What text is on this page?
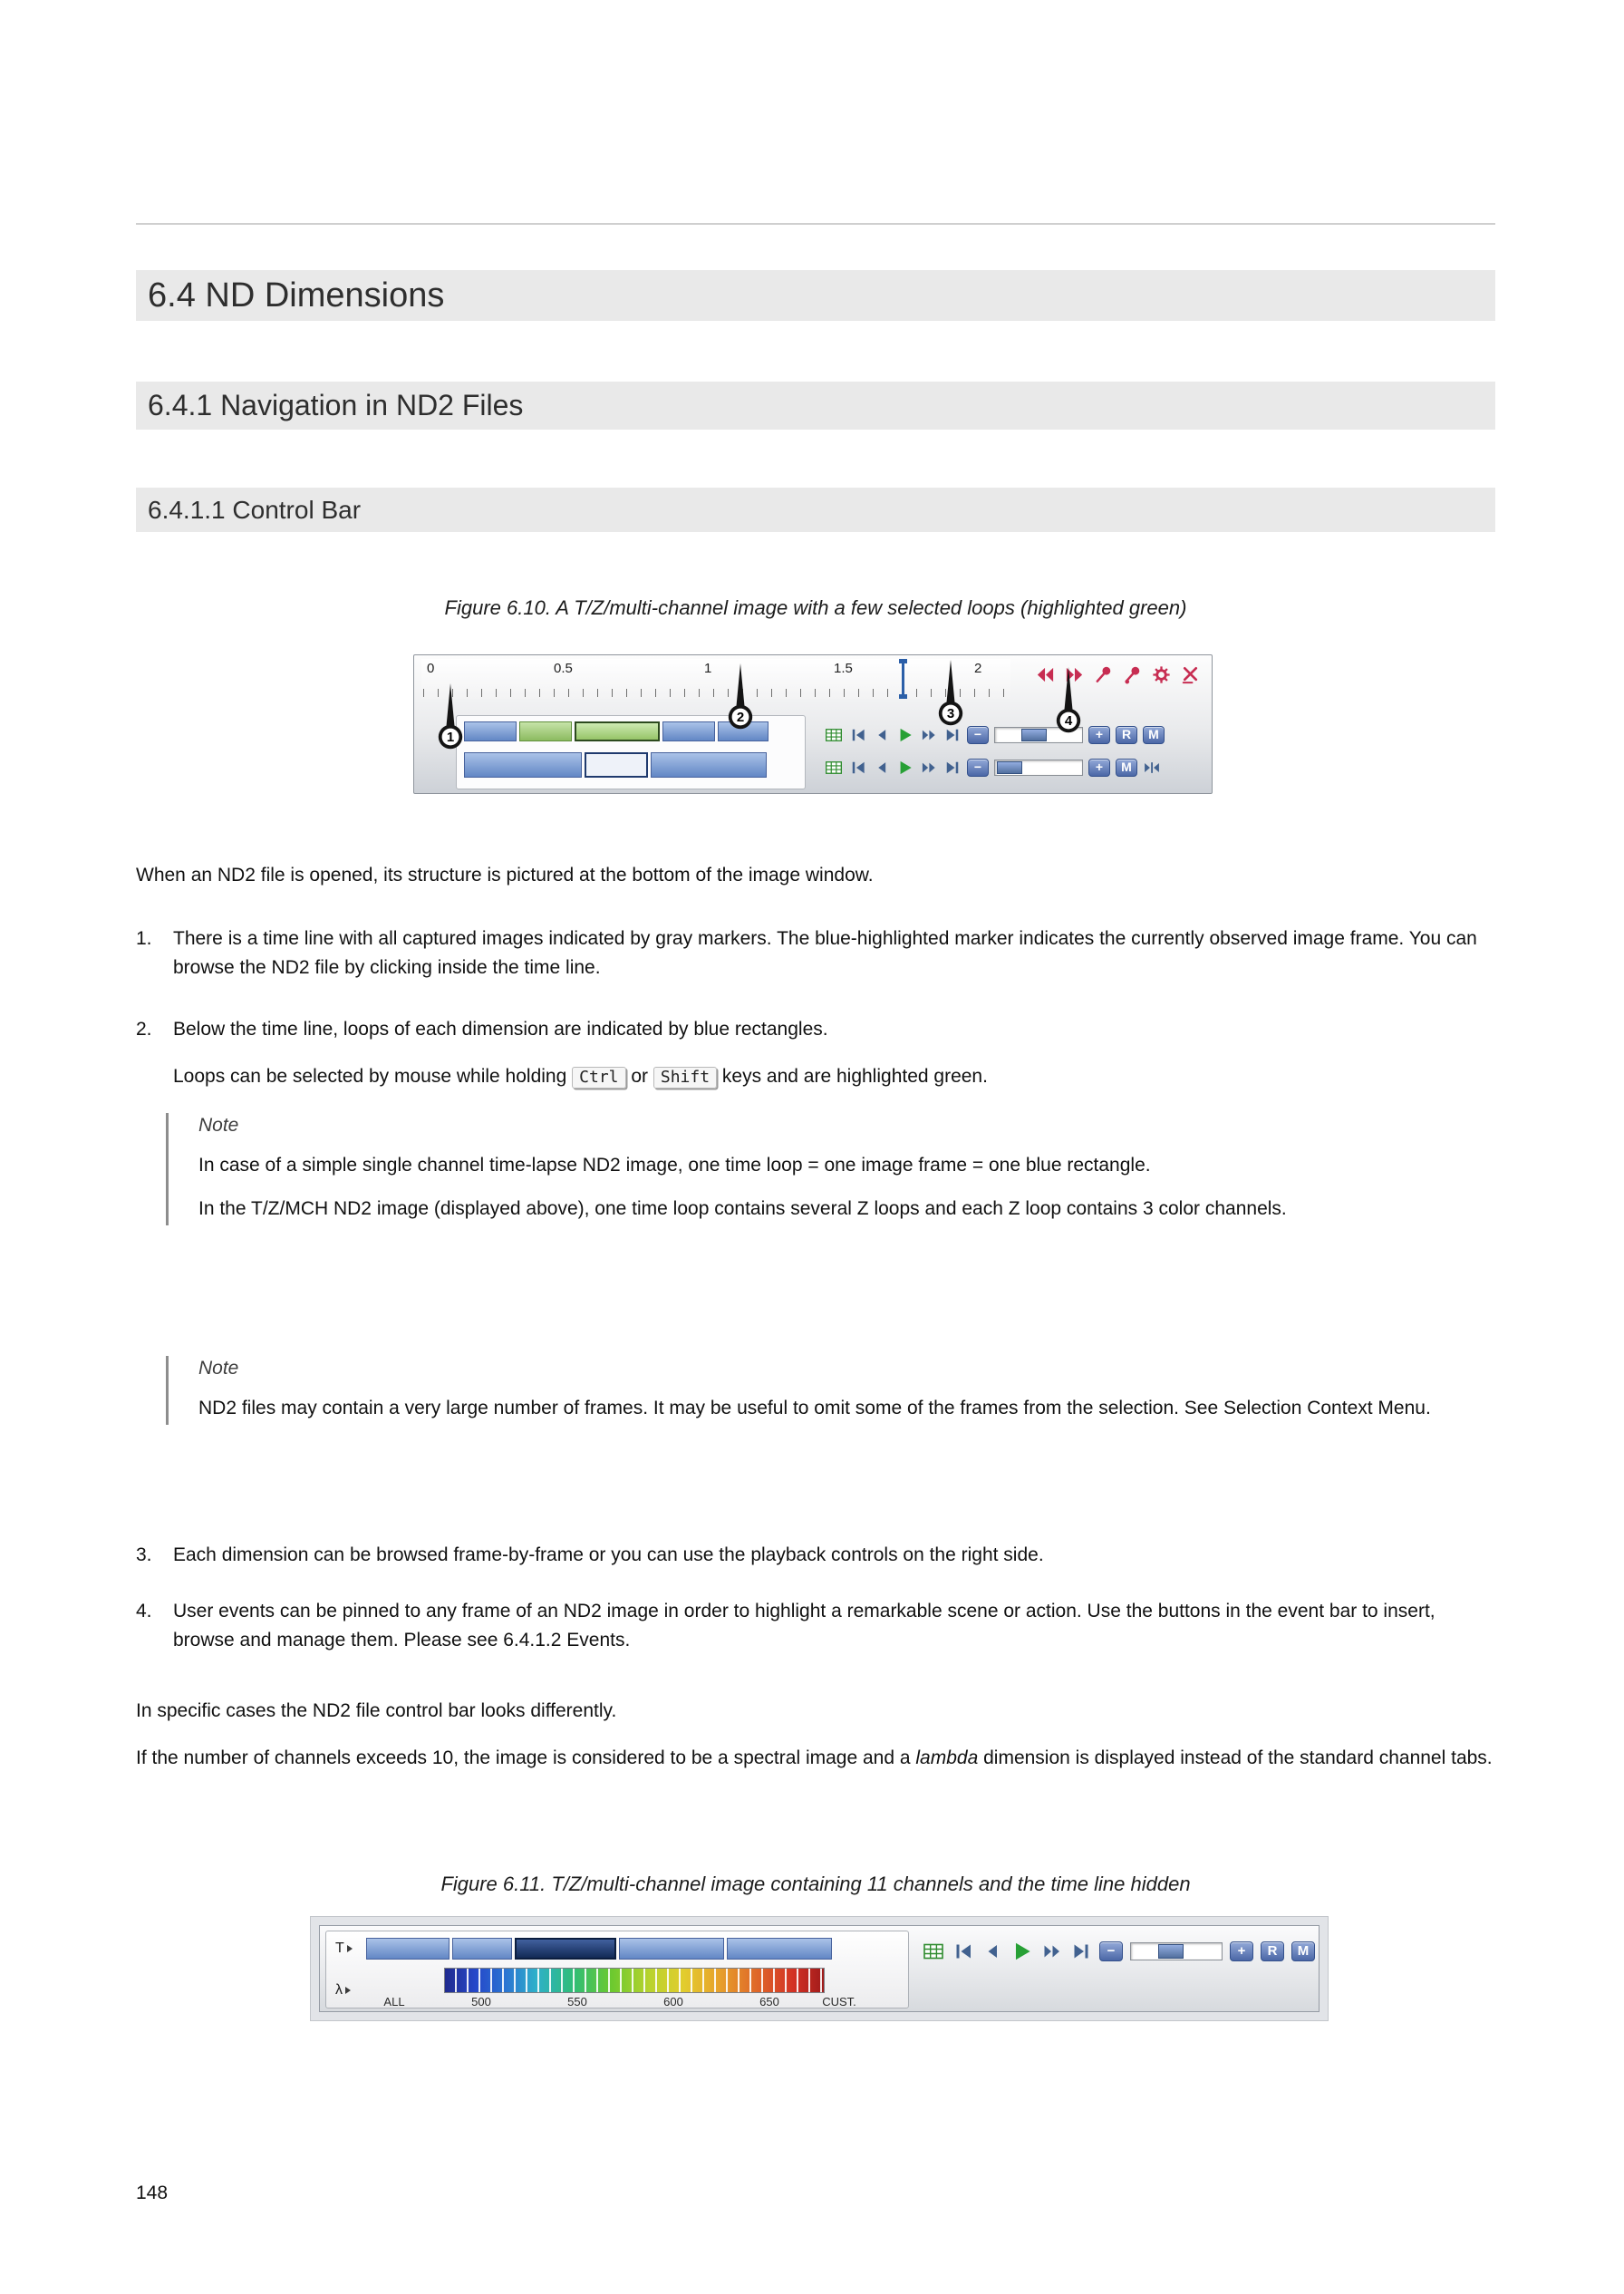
6.4 ND Dimensions
6.4.1 Navigation in ND2 Files
6.4.1.1 Control Bar
Figure 6.10. A T/Z/multi-channel image with a few selected loops (highlighted green)
0	0.5	1	1.5	2
−	+	R	M
−	+	M
1
2	3	4
When an ND2 file is opened, its structure is pictured at the bottom of the image window.
1.	There is a time line with all captured images indicated by gray markers. The blue-highlighted marker indicates the currently observed image frame. You can browse the ND2 file by clicking inside the time line.
2.	Below the time line, loops of each dimension are indicated by blue rectangles.
Loops can be selected by mouse while holding Ctrl or Shift keys and are highlighted green.
Note
In case of a simple single channel time-lapse ND2 image, one time loop = one image frame = one blue rectangle.
In the T/Z/MCH ND2 image (displayed above), one time loop contains several Z loops and each Z loop contains 3 color channels.
Note
ND2 files may contain a very large number of frames. It may be useful to omit some of the frames from the selection. See Selection Context Menu.
3.	Each dimension can be browsed frame-by-frame or you can use the playback controls on the right side.
4.	User events can be pinned to any frame of an ND2 image in order to highlight a remarkable scene or action. Use the buttons in the event bar to insert, browse and manage them. Please see 6.4.1.2 Events.
In specific cases the ND2 file control bar looks differently.
If the number of channels exceeds 10, the image is considered to be a spectral image and a lambda dimension is displayed instead of the standard channel tabs.
Figure 6.11. T/Z/multi-channel image containing 11 channels and the time line hidden
T
λ
ALL	500	550	600	650	CUST.
−	+	R	M
148
